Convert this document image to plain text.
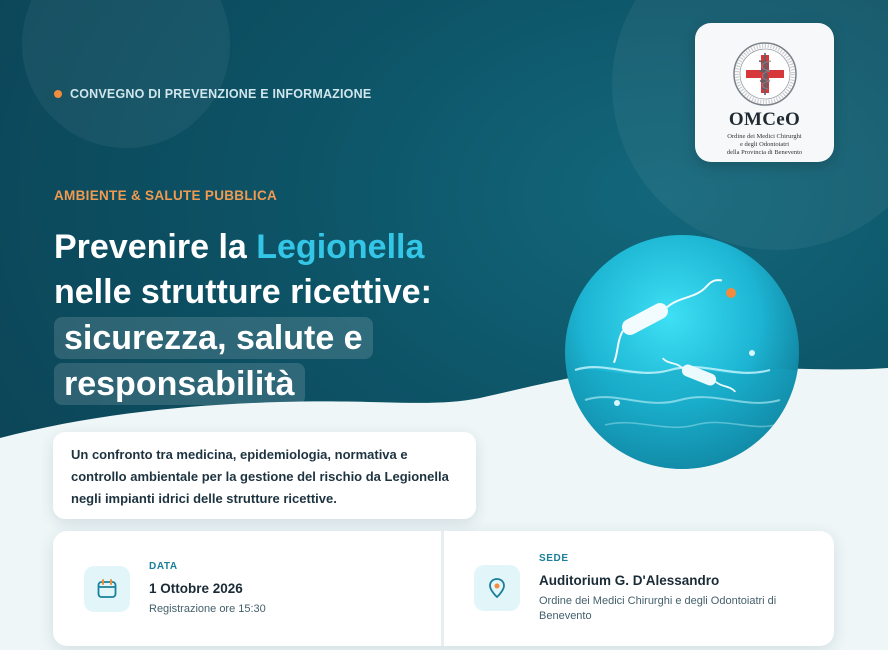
CONVEGNO DI PREVENZIONE E INFORMAZIONE
OMCeO
Ordine dei Medici Chirurghi
e degli Odontoiatri
della Provincia di Benevento
AMBIENTE & SALUTE PUBBLICA
Prevenire la Legionella
nelle strutture ricettive:
sicurezza, salute e
responsabilità

Un confronto tra medicina, epidemiologia, normativa e controllo ambientale per la gestione del rischio da Legionella negli impianti idrici delle strutture ricettive.

DATA
1 Ottobre 2026
Registrazione ore 15:30
SEDE
Auditorium G. D'Alessandro
Ordine dei Medici Chirurghi e degli Odontoiatri di Benevento
